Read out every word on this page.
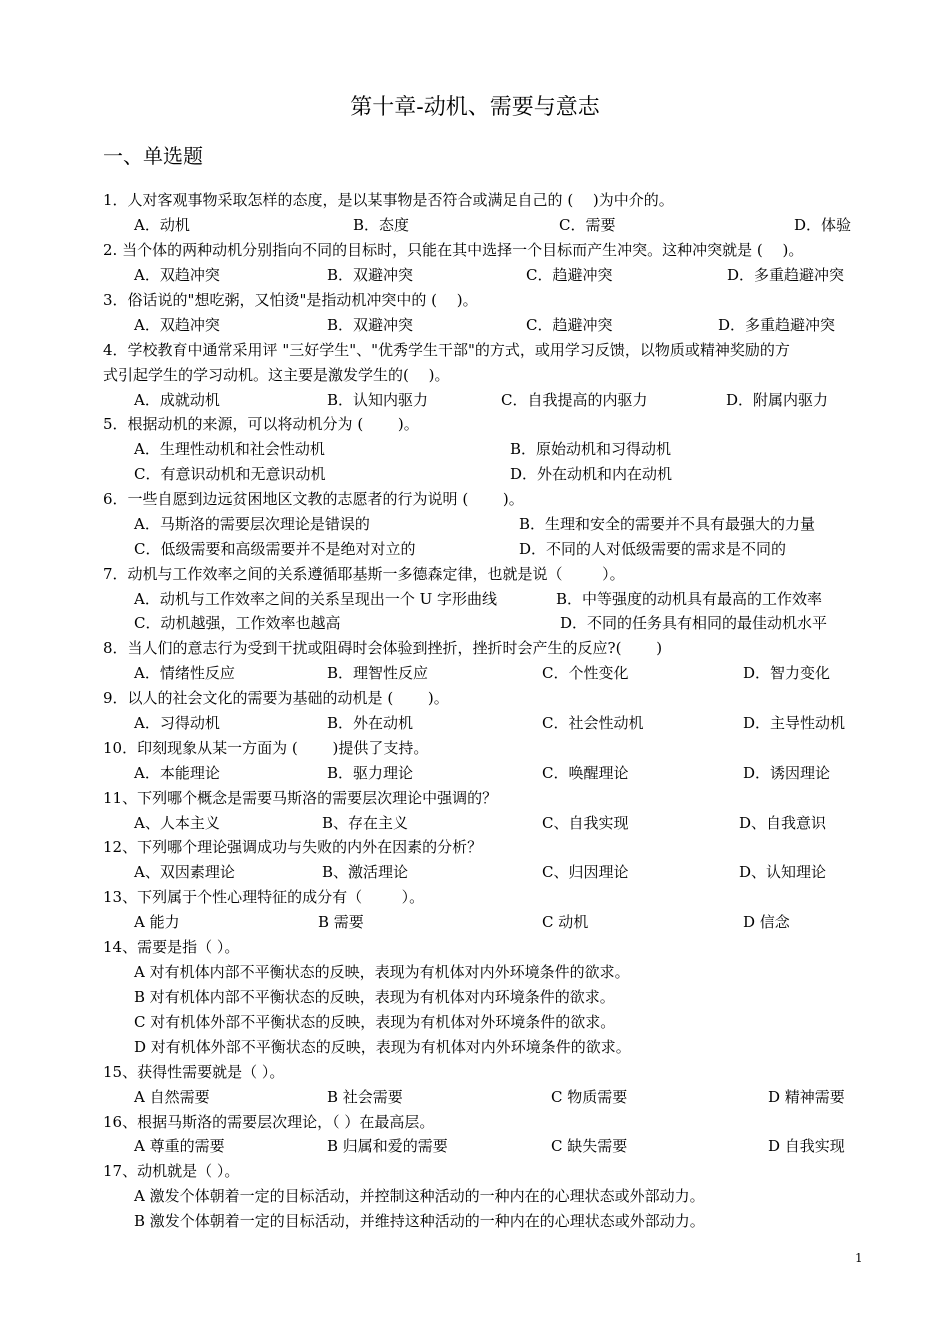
第十章-动机、需要与意志
一、单选题
1．人对客观事物采取怎样的态度，是以某事物是否符合或满足自己的 (　 )为中介的。
2. 当个体的两种动机分别指向不同的目标时，只能在其中选择一个目标而产生冲突。这种冲突就是 (　 )。
3．俗话说的"想吃粥，又怕烫"是指动机冲突中的 (　 )。
4．学校教育中通常采用评 "三好学生"、"优秀学生干部"的方式，或用学习反馈，以物质或精神奖励的方
式引起学生的学习动机。这主要是激发学生的(　 )。
5．根据动机的来源，可以将动机分为 (　 　)。
6．一些自愿到边远贫困地区文教的志愿者的行为说明 (　 　)。
7．动机与工作效率之间的关系遵循耶基斯一多德森定律，也就是说（　 　 ）。
8．当人们的意志行为受到干扰或阻碍时会体验到挫折，挫折时会产生的反应?(　 　)
9．以人的社会文化的需要为基础的动机是 (　 　)。
10．印刻现象从某一方面为 (　 　)提供了支持。
11、下列哪个概念是需要马斯洛的需要层次理论中强调的？
12、下列哪个理论强调成功与失败的内外在因素的分析？
13、下列属于个性心理特征的成分有（　 　 ）。
14、需要是指（ ）。
15、获得性需要就是（ ）。
16、根据马斯洛的需要层次理论，（ ）在最高层。
17、动机就是（ ）。
A．动机	B．态度	C．需要	D．体验
A．双趋冲突	B．双避冲突	C．趋避冲突	D．多重趋避冲突
A．双趋冲突	B．双避冲突	C．趋避冲突	D．多重趋避冲突
A．成就动机	B．认知内驱力	C．自我提高的内驱力	D．附属内驱力
A．生理性动机和社会性动机	B．原始动机和习得动机
C．有意识动机和无意识动机	D．外在动机和内在动机
A．马斯洛的需要层次理论是错误的	B．生理和安全的需要并不具有最强大的力量
C．低级需要和高级需要并不是绝对对立的	D．不同的人对低级需要的需求是不同的
A．动机与工作效率之间的关系呈现出一个 U 字形曲线	B．中等强度的动机具有最高的工作效率
C．动机越强，工作效率也越高	D．不同的任务具有相同的最佳动机水平
A．情绪性反应	B．理智性反应	C．个性变化	D．智力变化
A．习得动机	B．外在动机	C．社会性动机	D．主导性动机
A．本能理论	B．驱力理论	C．唤醒理论	D．诱因理论
A、人本主义	B、存在主义	C、自我实现	D、自我意识
A、双因素理论	B、激活理论	C、归因理论	D、认知理论
A 能力	B 需要	C 动机	D 信念
A 对有机体内部不平衡状态的反映，表现为有机体对内外环境条件的欲求。
B 对有机体内部不平衡状态的反映，表现为有机体对内环境条件的欲求。
C 对有机体外部不平衡状态的反映，表现为有机体对外环境条件的欲求。
D 对有机体外部不平衡状态的反映，表现为有机体对内外环境条件的欲求。
A 自然需要	B 社会需要	C 物质需要	D 精神需要
A 尊重的需要	B 归属和爱的需要	C 缺失需要	D 自我实现
A 激发个体朝着一定的目标活动，并控制这种活动的一种内在的心理状态或外部动力。
B 激发个体朝着一定的目标活动，并维持这种活动的一种内在的心理状态或外部动力。
1
